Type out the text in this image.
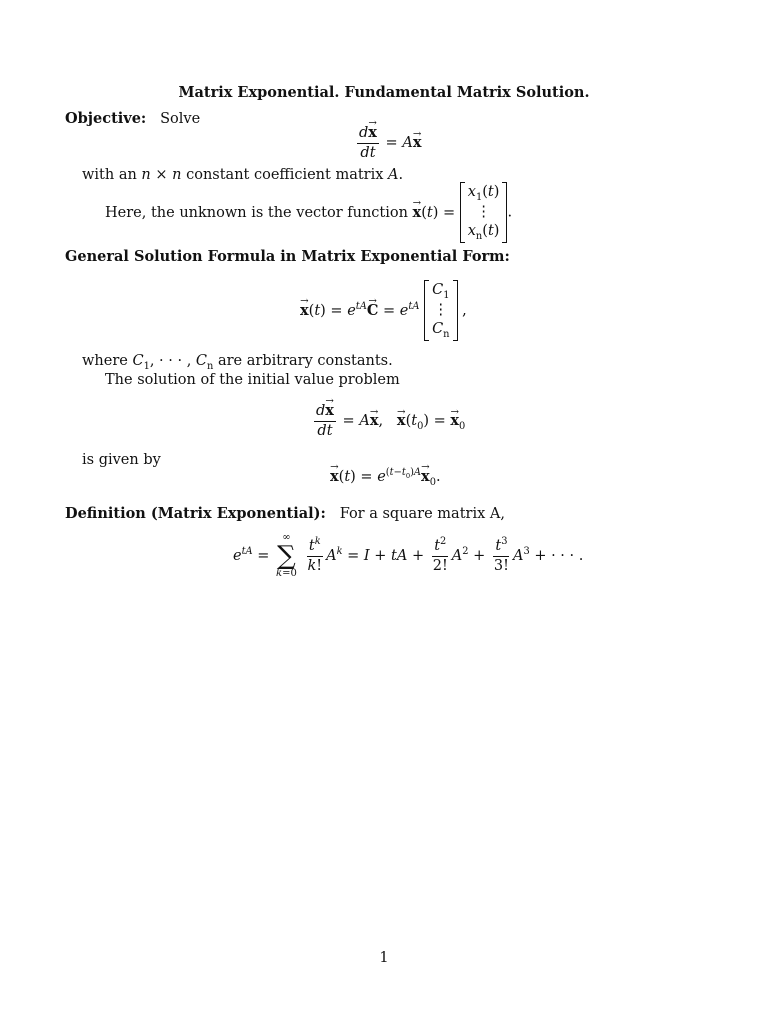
Matrix Exponential. Fundamental Matrix Solution.
Objective: Solve
$\frac{d\to x}{dt} = A\to x$
with an n × n constant coefficient matrix A.
Here, the unknown is the vector function → x(t) =
$x_1(t)$
⋮
$x_n(t)$
.
General Solution Formula in Matrix Exponential Form:
→ $x(t) = e^{tA}\to C = e^{tA}$
$C_1$
⋮
$C_n$
,
where $C_1$, · · · , $C_n$ are arbitrary constants.
The solution of the initial value problem
$\frac{d\to x}{dt} = A\to x$,   → $x(t_0)$ = → $x_0$
is given by
→ $x(t) = e^{(t-t_0)A}\to x_0$.
Definition (Matrix Exponential): For a square matrix A,
$e^{tA}$ =
∞
∑
k=0
$\frac{t^k}{k!} A^k = I$ + tA + $\frac{t^2}{2!} A^2 + \frac{t^3}{3!} A^3$ + · · · .
1
